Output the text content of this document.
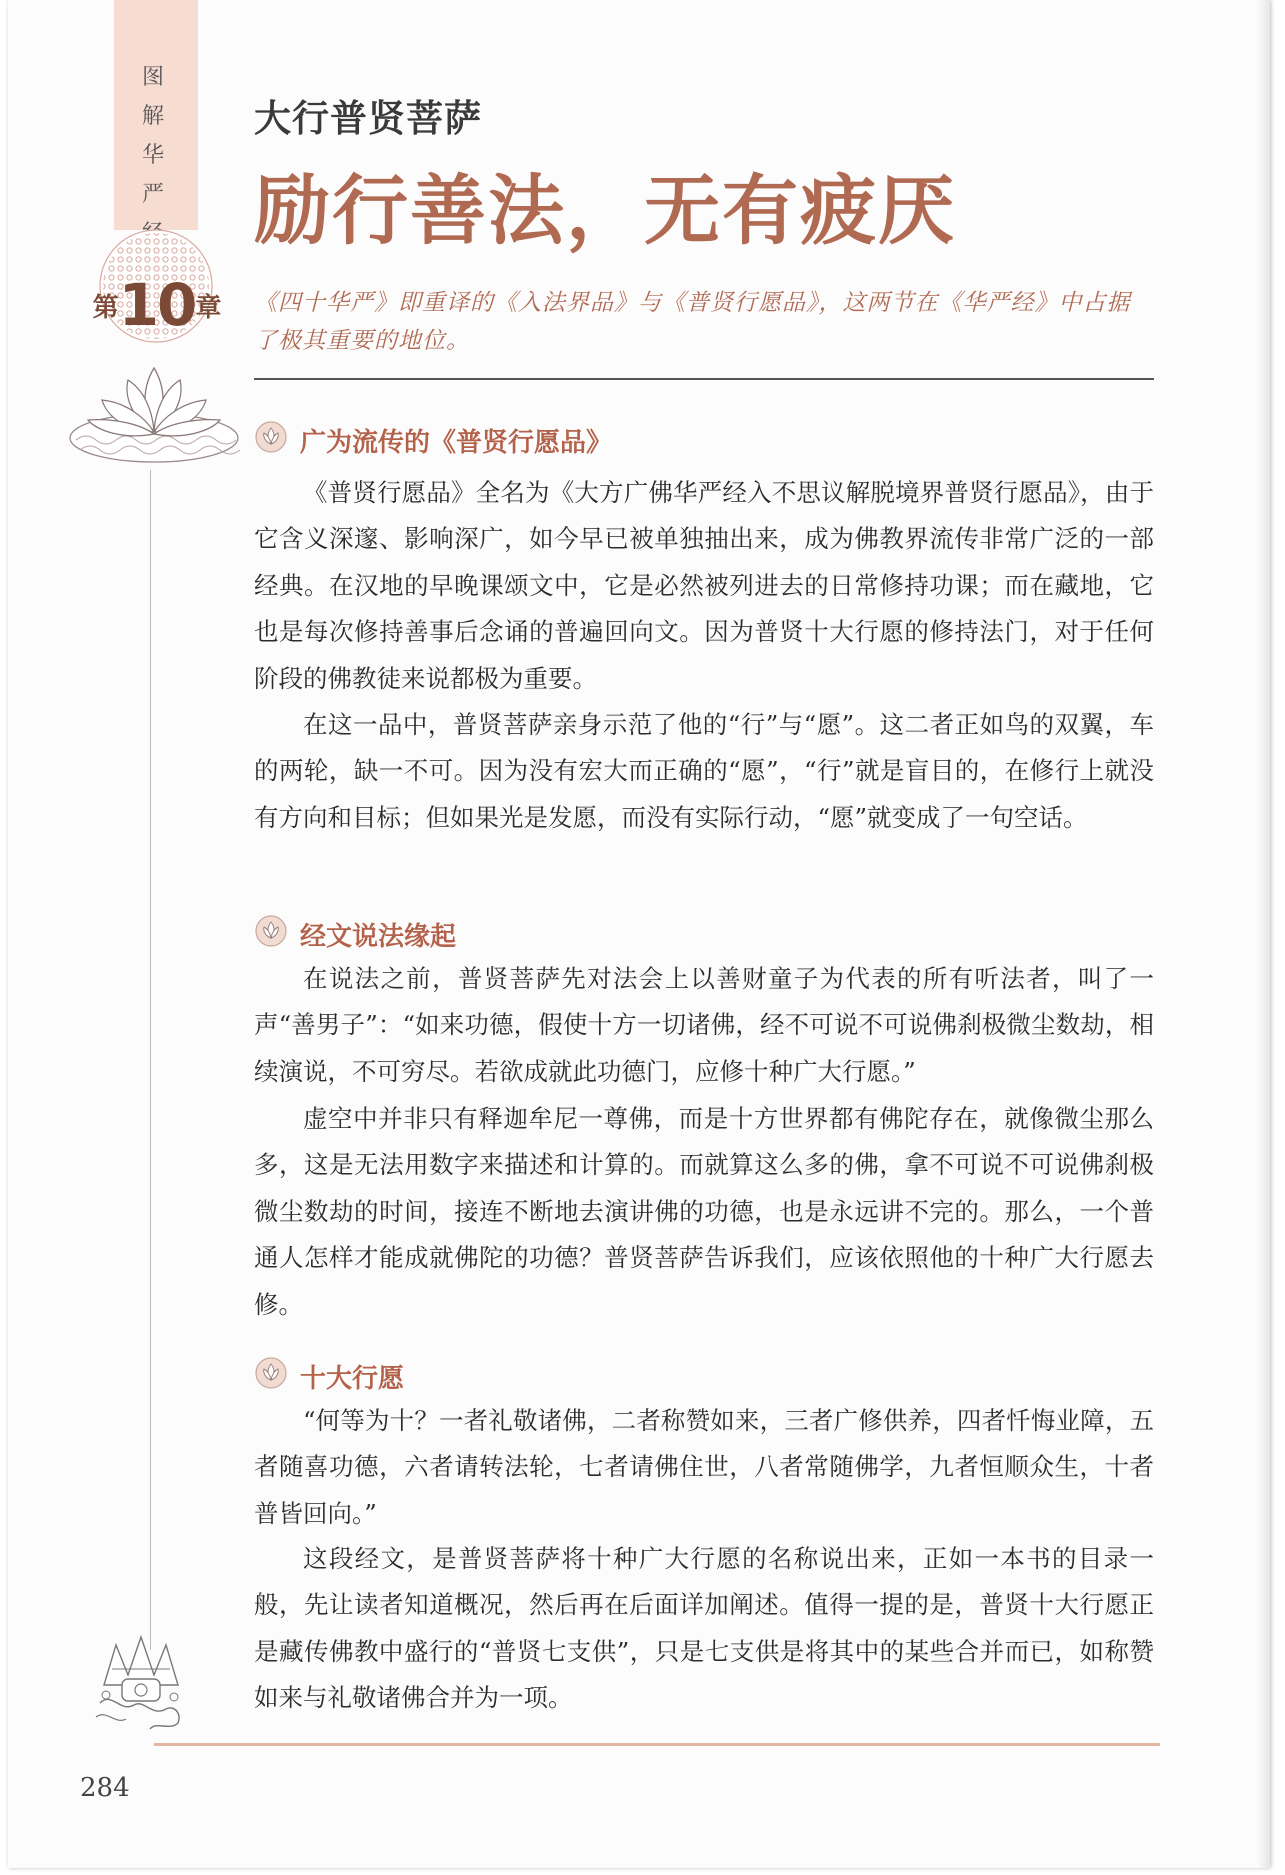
图
解
华
严
第 10 章
大行普贤菩萨
励行善法，无有疲厌
《四十华严》即重译的《入法界品》与《普贤行愿品》，这两节在《华严经》中占据了极其重要的地位。
广为流传的《普贤行愿品》

《普贤行愿品》全名为《大方广佛华严经入不思议解脱境界普贤行愿品》，由于它含义深邃、影响深广，如今早已被单独抽出来，成为佛教界流传非常广泛的一部经典。在汉地的早晚课颂文中，它是必然被列进去的日常修持功课；而在藏地，它也是每次修持善事后念诵的普遍回向文。因为普贤十大行愿的修持法门，对于任何阶段的佛教徒来说都极为重要。

在这一品中，普贤菩萨亲身示范了他的“行”与“愿”。这二者正如鸟的双翼，车的两轮，缺一不可。因为没有宏大而正确的“愿”，“行”就是盲目的，在修行上就没有方向和目标；但如果光是发愿，而没有实际行动，“愿”就变成了一句空话。

经文说法缘起

在说法之前，普贤菩萨先对法会上以善财童子为代表的所有听法者，叫了一声“善男子”：“如来功德，假使十方一切诸佛，经不可说不可说佛刹极微尘数劫，相续演说，不可穷尽。若欲成就此功德门，应修十种广大行愿。”

虚空中并非只有释迦牟尼一尊佛，而是十方世界都有佛陀存在，就像微尘那么多，这是无法用数字来描述和计算的。而就算这么多的佛，拿不可说不可说佛刹极微尘数劫的时间，接连不断地去演讲佛的功德，也是永远讲不完的。那么，一个普通人怎样才能成就佛陀的功德？普贤菩萨告诉我们，应该依照他的十种广大行愿去修。

十大行愿

“何等为十？一者礼敬诸佛，二者称赞如来，三者广修供养，四者忏悔业障，五者随喜功德，六者请转法轮，七者请佛住世，八者常随佛学，九者恒顺众生，十者普皆回向。”

这段经文，是普贤菩萨将十种广大行愿的名称说出来，正如一本书的目录一般，先让读者知道概况，然后再在后面详加阐述。值得一提的是，普贤十大行愿正是藏传佛教中盛行的“普贤七支供”，只是七支供是将其中的某些合并而已，如称赞如来与礼敬诸佛合并为一项。

284
